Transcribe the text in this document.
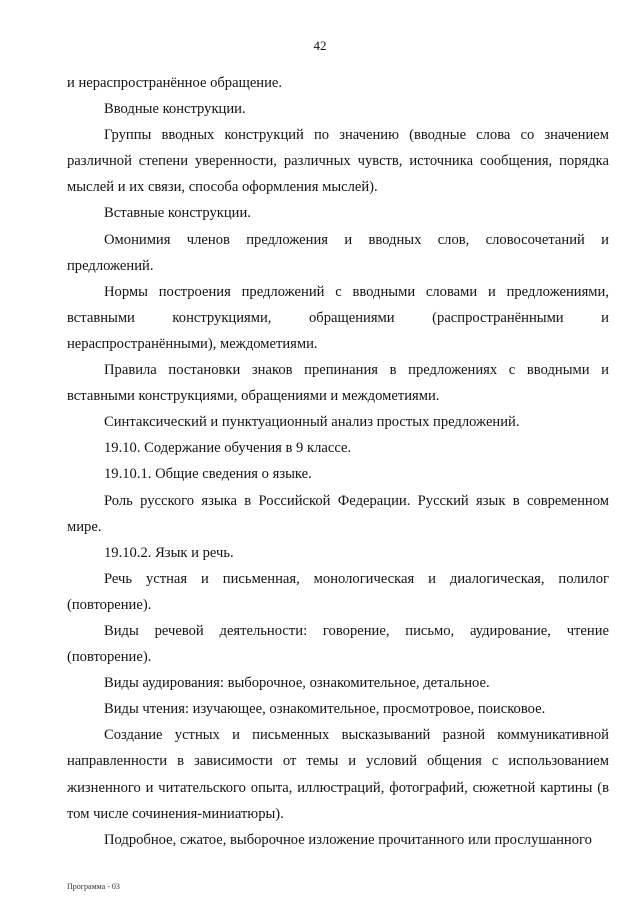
42

и нераспространённое обращение.

Вводные конструкции.

Группы вводных конструкций по значению (вводные слова со значением различной степени уверенности, различных чувств, источника сообщения, порядка мыслей и их связи, способа оформления мыслей).

Вставные конструкции.

Омонимия членов предложения и вводных слов, словосочетаний и предложений.

Нормы построения предложений с вводными словами и предложениями, вставными конструкциями, обращениями (распространёнными и нераспространёнными), междометиями.

Правила постановки знаков препинания в предложениях с вводными и вставными конструкциями, обращениями и междометиями.

Синтаксический и пунктуационный анализ простых предложений.

19.10. Содержание обучения в 9 классе.

19.10.1. Общие сведения о языке.

Роль русского языка в Российской Федерации. Русский язык в современном мире.

19.10.2. Язык и речь.

Речь устная и письменная, монологическая и диалогическая, полилог (повторение).

Виды речевой деятельности: говорение, письмо, аудирование, чтение (повторение).

Виды аудирования: выборочное, ознакомительное, детальное.

Виды чтения: изучающее, ознакомительное, просмотровое, поисковое.

Создание устных и письменных высказываний разной коммуникативной направленности в зависимости от темы и условий общения с использованием жизненного и читательского опыта, иллюстраций, фотографий, сюжетной картины (в том числе сочинения-миниатюры).

Подробное, сжатое, выборочное изложение прочитанного или прослушанного

Программа - 03
